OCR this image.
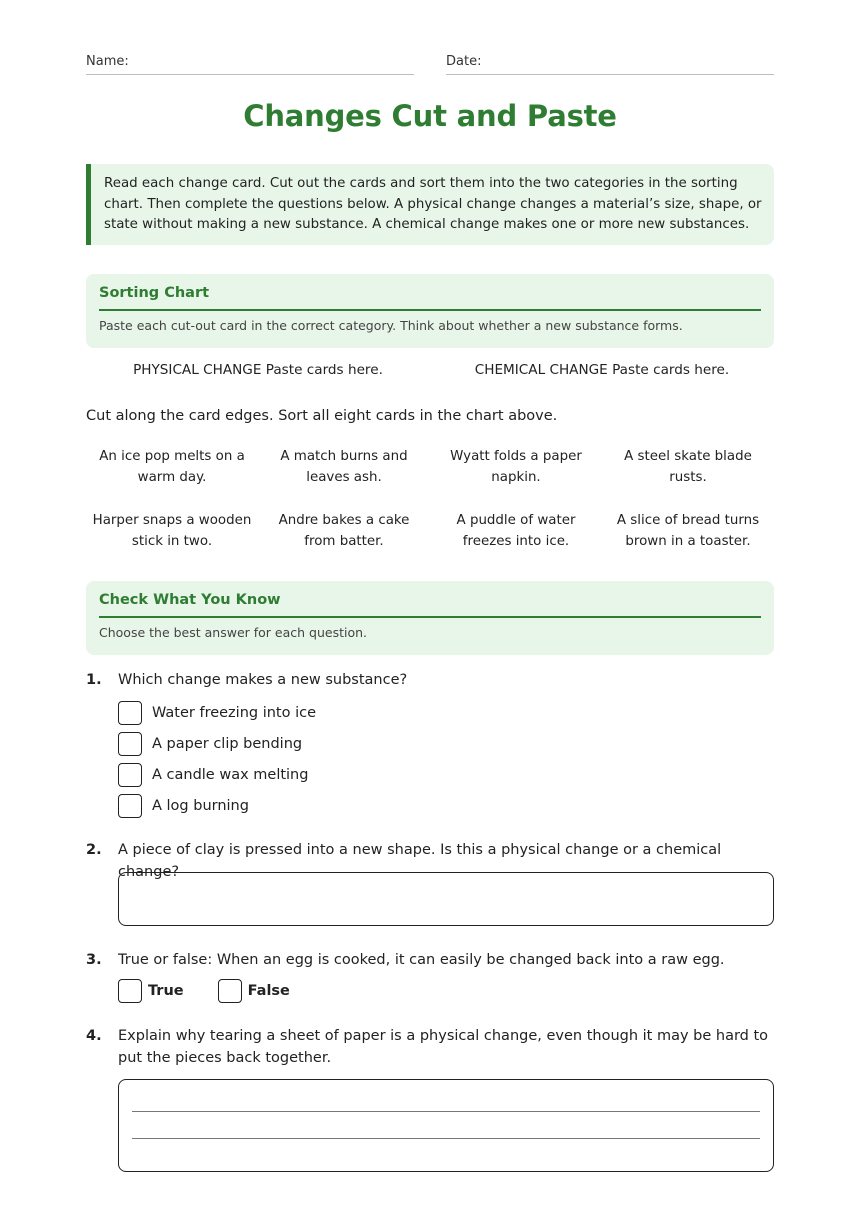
Name:	Date:
Changes Cut and Paste
Read each change card. Cut out the cards and sort them into the two categories in the sorting chart. Then complete the questions below. A physical change changes a material’s size, shape, or state without making a new substance. A chemical change makes one or more new substances.
Sorting Chart
Paste each cut-out card in the correct category. Think about whether a new substance forms.
PHYSICAL CHANGE Paste cards here.	CHEMICAL CHANGE Paste cards here.
Cut along the card edges. Sort all eight cards in the chart above.
An ice pop melts on a warm day.
A match burns and leaves ash.
Wyatt folds a paper napkin.
A steel skate blade rusts.
Harper snaps a wooden stick in two.
Andre bakes a cake from batter.
A puddle of water freezes into ice.
A slice of bread turns brown in a toaster.
Check What You Know
Choose the best answer for each question.
1.	Which change makes a new substance?
Water freezing into ice
A paper clip bending
A candle wax melting
A log burning
2.	A piece of clay is pressed into a new shape. Is this a physical change or a chemical change?
3.	True or false: When an egg is cooked, it can easily be changed back into a raw egg.
True	False
4.	Explain why tearing a sheet of paper is a physical change, even though it may be hard to put the pieces back together.
